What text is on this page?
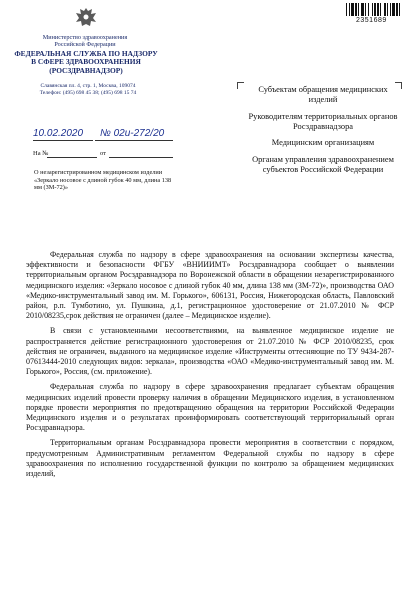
2351689
Министерство здравоохранения
Российской Федерации
ФЕДЕРАЛЬНАЯ СЛУЖБА ПО НАДЗОРУ
В СФЕРЕ ЗДРАВООХРАНЕНИЯ
(РОСЗДРАВНАДЗОР)
Славянская пл. 4, стр. 1, Москва, 109074
Телефон: (495) 698 45 38; (495) 698 15 74
10.02.2020 № 02и-272/20
На №	от
О незарегистрированном медицинском изделии «Зеркало носовое с длиной губок 40 мм, длина 138 мм (ЗМ-72)»
Субъектам обращения медицинских изделий
Руководителям территориальных органов Росздравнадзора
Медицинским организациям
Органам управления здравоохранением субъектов Российской Федерации

Федеральная служба по надзору в сфере здравоохранения на основании экспертизы качества, эффективности и безопасности ФГБУ «ВНИИИМТ» Росздравнадзора сообщает о выявлении территориальным органом Росздравнадзора по Воронежской области в обращении незарегистрированного медицинского изделия: «Зеркало носовое с длиной губок 40 мм, длина 138 мм (ЗМ-72)», производства ОАО «Медико-инструментальный завод им. М. Горького», 606131, Россия, Нижегородская область, Павловский район, р.п. Тумботино, ул. Пушкина, д.1, регистрационное удостоверение от 21.07.2010 № ФСР 2010/08235,срок действия не ограничен (далее – Медицинское изделие).

В связи с установленными несоответствиями, на выявленное медицинское изделие не распространяется действие регистрационного удостоверения от 21.07.2010 № ФСР 2010/08235, срок действия не ограничен, выданного на медицинское изделие «Инструменты оттесняющие по ТУ 9434-287-07613444-2010 следующих видов: зеркала», производства «ОАО «Медико-инструментальный завод им. М. Горького», Россия, (см. приложение).

Федеральная служба по надзору в сфере здравоохранения предлагает субъектам обращения медицинских изделий провести проверку наличия в обращении Медицинского изделия, в установленном порядке провести мероприятия по предотвращению обращения на территории Российской Федерации Медицинского изделия и о результатах проинформировать соответствующий территориальный орган Росздравнадзора.

Территориальным органам Росздравнадзора провести мероприятия в соответствии с порядком, предусмотренным Административным регламентом Федеральной службы по надзору в сфере здравоохранения по исполнению государственной функции по контролю за обращением медицинских изделий,
